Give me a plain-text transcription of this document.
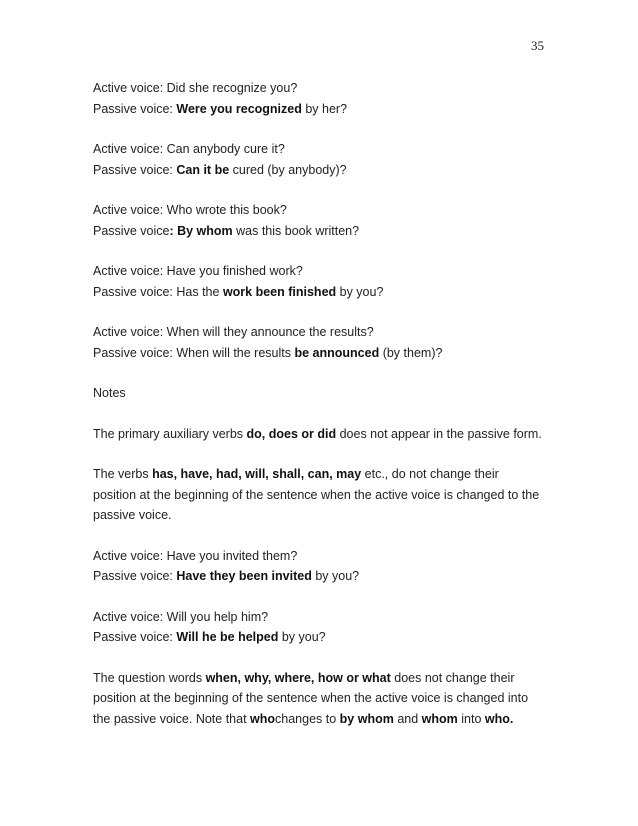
35
Active voice: Did she recognize you?
Passive voice: Were you recognized by her?
Active voice: Can anybody cure it?
Passive voice: Can it be cured (by anybody)?
Active voice: Who wrote this book?
Passive voice: By whom was this book written?
Active voice: Have you finished work?
Passive voice: Has the work been finished by you?
Active voice: When will they announce the results?
Passive voice: When will the results be announced (by them)?
Notes
The primary auxiliary verbs do, does or did does not appear in the passive form.
The verbs has, have, had, will, shall, can, may etc., do not change their
position at the beginning of the sentence when the active voice is changed to the
passive voice.
Active voice: Have you invited them?
Passive voice: Have they been invited by you?
Active voice: Will you help him?
Passive voice: Will he be helped by you?
The question words when, why, where, how or what does not change their
position at the beginning of the sentence when the active voice is changed into
the passive voice. Note that whochanges to by whom and whom into who.
